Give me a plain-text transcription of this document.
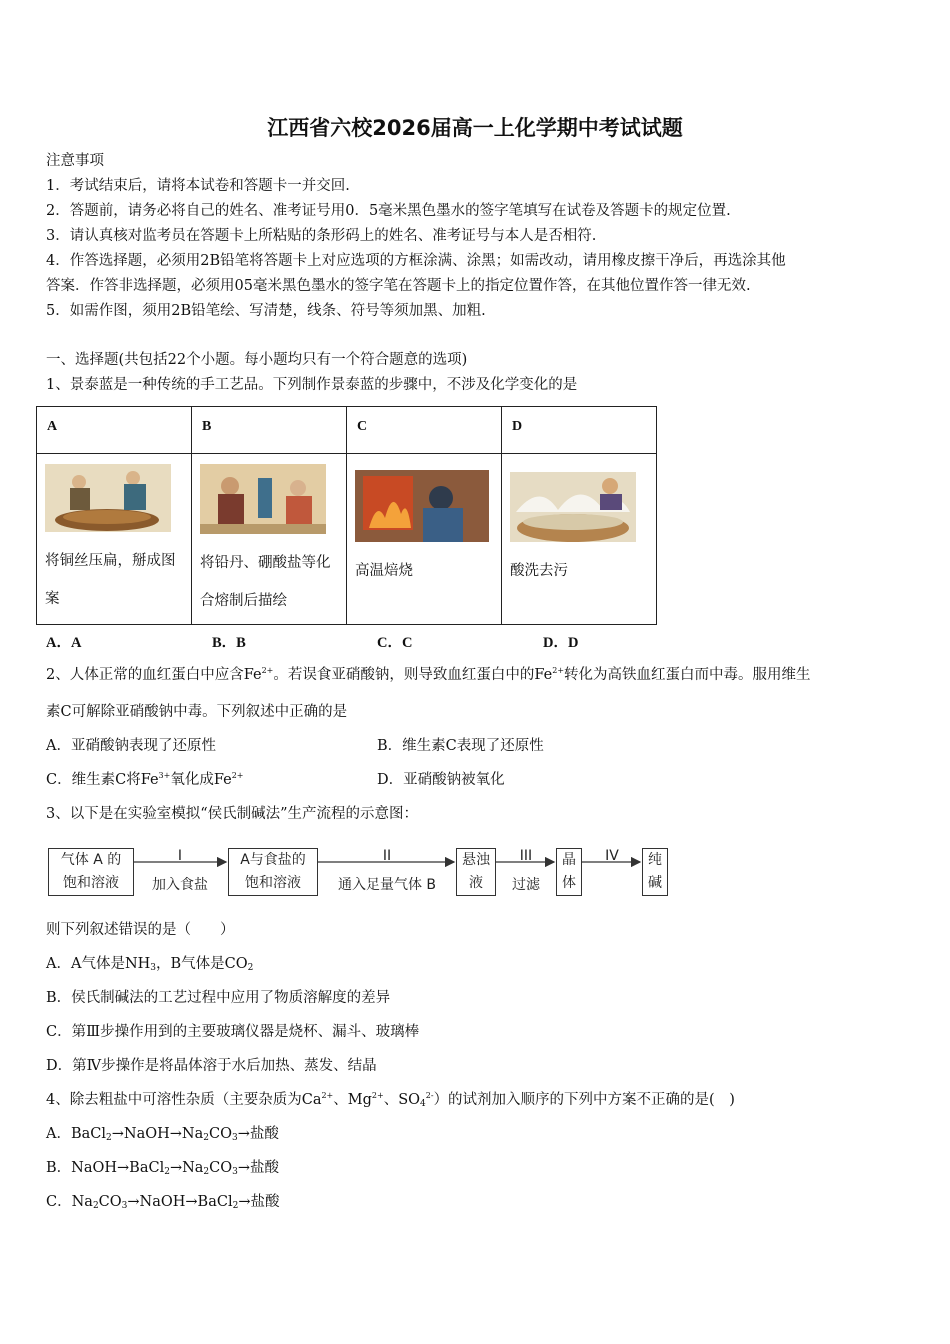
江西省六校2026届高一上化学期中考试试题
注意事项
1．考试结束后，请将本试卷和答题卡一并交回.
2．答题前，请务必将自己的姓名、准考证号用0．5毫米黑色墨水的签字笔填写在试卷及答题卡的规定位置.
3．请认真核对监考员在答题卡上所粘贴的条形码上的姓名、准考证号与本人是否相符.
4．作答选择题，必须用2B铅笔将答题卡上对应选项的方框涂满、涂黑；如需改动，请用橡皮擦干净后，再选涂其他
答案．作答非选择题，必须用05毫米黑色墨水的签字笔在答题卡上的指定位置作答，在其他位置作答一律无效.
5．如需作图，须用2B铅笔绘、写清楚，线条、符号等须加黑、加粗.
一、选择题(共包括22个小题。每小题均只有一个符合题意的选项)
1、景泰蓝是一种传统的手工艺品。下列制作景泰蓝的步骤中，不涉及化学变化的是
A	B	C	D

将铜丝压扁，掰成图案	将铅丹、硼酸盐等化合熔制后描绘	高温焙烧	酸洗去污
A．A	B．B	C．C	D．D
2、人体正常的血红蛋白中应含$Fe^{2+}$。若误食亚硝酸钠，则导致血红蛋白中的$Fe^{2+}$转化为高铁血红蛋白而中毒。服用维生
素C可解除亚硝酸钠中毒。下列叙述中正确的是
A．亚硝酸钠表现了还原性	B．维生素C表现了还原性
C．维生素C将$Fe^{3+}$氧化成$Fe^{2+}$	D．亚硝酸钠被氧化
3、以下是在实验室模拟“侯氏制碱法”生产流程的示意图：
气体 A 的
饱和溶液
I
加入食盐
A与食盐的
饱和溶液
II
通入足量气体 B
悬浊
液
III
过滤
晶
体
IV	纯
碱
则下列叙述错误的是（　　）
A．A气体是$NH_3$，B气体是$CO_2$
B．侯氏制碱法的工艺过程中应用了物质溶解度的差异
C．第Ⅲ步操作用到的主要玻璃仪器是烧杯、漏斗、玻璃棒
D．第Ⅳ步操作是将晶体溶于水后加热、蒸发、结晶
4、除去粗盐中可溶性杂质（主要杂质为$Ca^{2+}$、$Mg^{2+}$、$SO_4^{2-}$）的试剂加入顺序的下列中方案不正确的是(　)
A．$BaCl_2\to NaOH\to Na_2CO_3\to$盐酸
B．$NaOH\to BaCl_2\to Na_2CO_3\to$盐酸
C．$Na_2CO_3\to NaOH\to BaCl_2\to$盐酸
